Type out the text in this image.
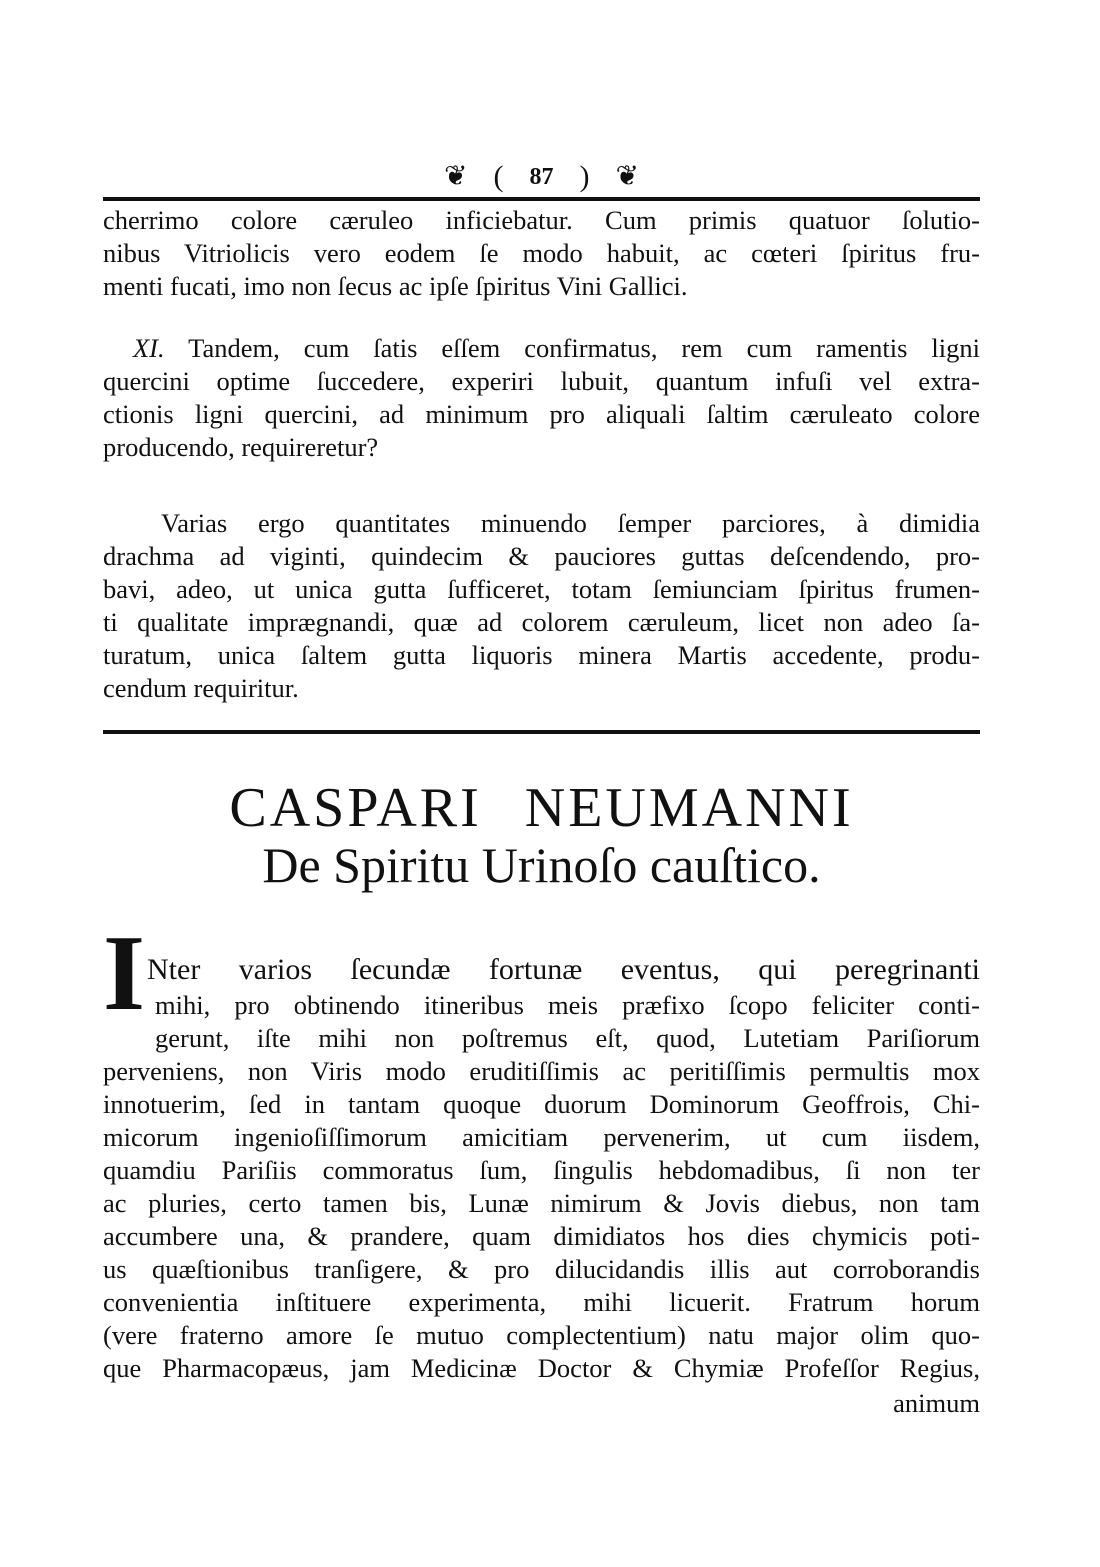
❦ ( 87 ) ❦
cherrimo colore cæruleo inficiebatur. Cum primis quatuor ſolutio-
nibus Vitriolicis vero eodem ſe modo habuit, ac cœteri ſpiritus fru-
menti fucati, imo non ſecus ac ipſe ſpiritus Vini Gallici.
XI. Tandem, cum ſatis eſſem confirmatus, rem cum ramentis ligni
quercini optime ſuccedere, experiri lubuit, quantum infuſi vel extra-
ctionis ligni quercini, ad minimum pro aliquali ſaltim cæruleato colore
producendo, requireretur?
Varias ergo quantitates minuendo ſemper parciores, à dimidia
drachma ad viginti, quindecim & pauciores guttas deſcendendo, pro-
bavi, adeo, ut unica gutta ſufficeret, totam ſemiunciam ſpiritus frumen-
ti qualitate imprægnandi, quæ ad colorem cæruleum, licet non adeo ſa-
turatum, unica ſaltem gutta liquoris minera Martis accedente, produ-
cendum requiritur.
CASPARI NEUMANNI
De Spiritu Urinoſo cauſtico.
I Nter varios ſecundæ fortunæ eventus, qui peregrinanti
mihi, pro obtinendo itineribus meis præfixo ſcopo feliciter conti-
gerunt, iſte mihi non poſtremus eſt, quod, Lutetiam Pariſiorum
perveniens, non Viris modo eruditiſſimis ac peritiſſimis permultis mox
innotuerim, ſed in tantam quoque duorum Dominorum Geoffrois, Chi-
micorum ingenioſiſſimorum amicitiam pervenerim, ut cum iisdem,
quamdiu Pariſiis commoratus ſum, ſingulis hebdomadibus, ſi non ter
ac pluries, certo tamen bis, Lunæ nimirum & Jovis diebus, non tam
accumbere una, & prandere, quam dimidiatos hos dies chymicis poti-
us quæſtionibus tranſigere, & pro dilucidandis illis aut corroborandis
convenientia inſtituere experimenta, mihi licuerit. Fratrum horum
(vere fraterno amore ſe mutuo complectentium) natu major olim quo-
que Pharmacopæus, jam Medicinæ Doctor & Chymiæ Profeſſor Regius,
animum
